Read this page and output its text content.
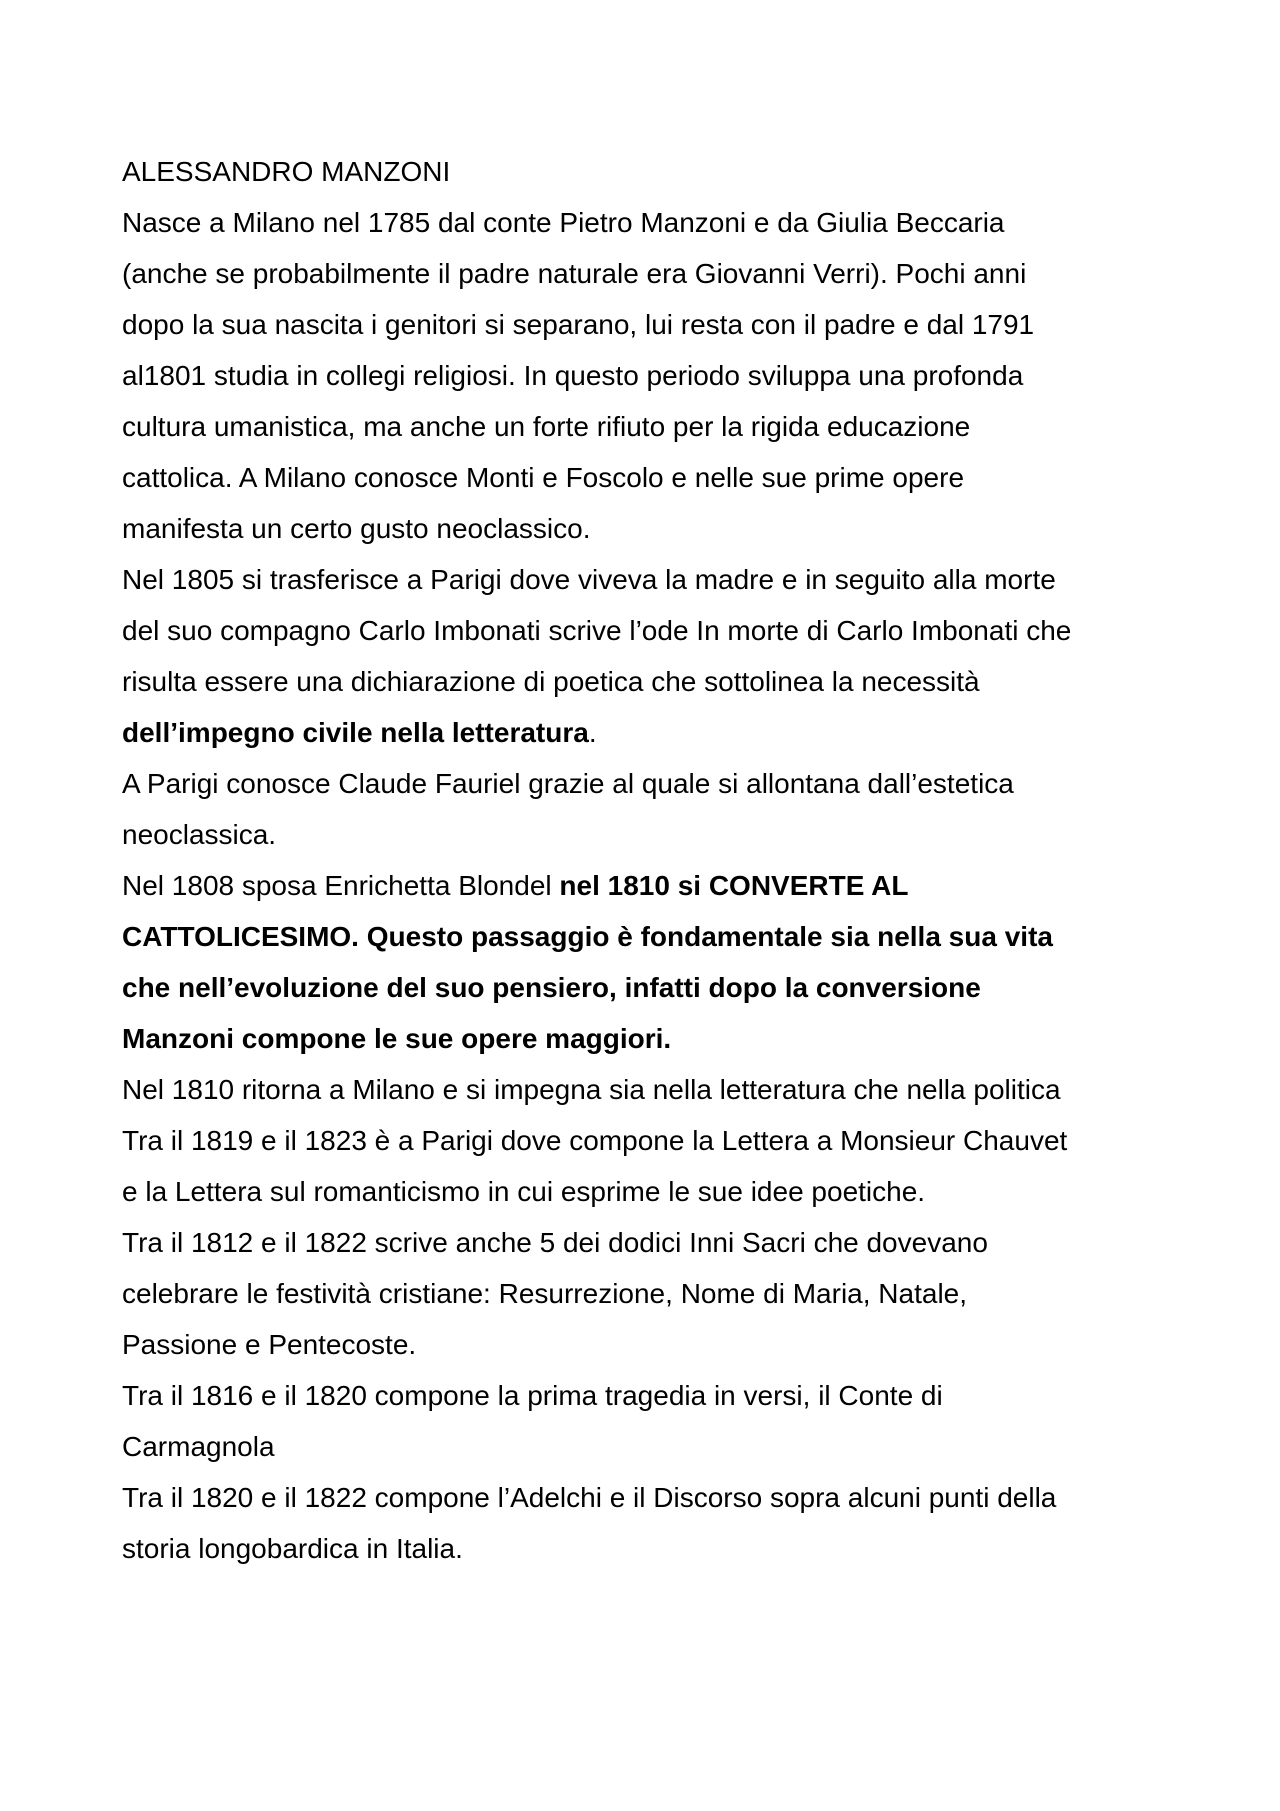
ALESSANDRO MANZONI

Nasce a Milano nel 1785 dal conte Pietro Manzoni e da Giulia Beccaria

(anche se probabilmente il padre naturale era Giovanni Verri). Pochi anni

dopo la sua nascita i genitori si separano, lui resta con il padre e dal 1791

al1801 studia in collegi religiosi. In questo periodo sviluppa una profonda

cultura umanistica, ma anche un forte rifiuto per la rigida educazione

cattolica. A Milano conosce Monti e Foscolo e nelle sue prime opere

manifesta un certo gusto neoclassico.

Nel 1805 si trasferisce a Parigi dove viveva la madre e in seguito alla morte

del suo compagno Carlo Imbonati scrive l’ode In morte di Carlo Imbonati che

risulta essere una dichiarazione di poetica che sottolinea la necessità

dell’impegno civile nella letteratura.

A Parigi conosce Claude Fauriel grazie al quale si allontana dall’estetica

neoclassica.

Nel 1808 sposa Enrichetta Blondel nel 1810 si CONVERTE AL

CATTOLICESIMO. Questo passaggio è fondamentale sia nella sua vita

che nell’evoluzione del suo pensiero, infatti dopo la conversione

Manzoni compone le sue opere maggiori.

Nel 1810 ritorna a Milano e si impegna sia nella letteratura che nella politica

Tra il 1819 e il 1823 è a Parigi dove compone la Lettera a Monsieur Chauvet

e la Lettera sul romanticismo in cui esprime le sue idee poetiche.

Tra il 1812 e il 1822 scrive anche 5 dei dodici Inni Sacri che dovevano

celebrare le festività cristiane: Resurrezione, Nome di Maria, Natale,

Passione e Pentecoste.

Tra il 1816 e il 1820 compone la prima tragedia in versi, il Conte di

Carmagnola

Tra il 1820 e il 1822 compone l’Adelchi e il Discorso sopra alcuni punti della

storia longobardica in Italia.
